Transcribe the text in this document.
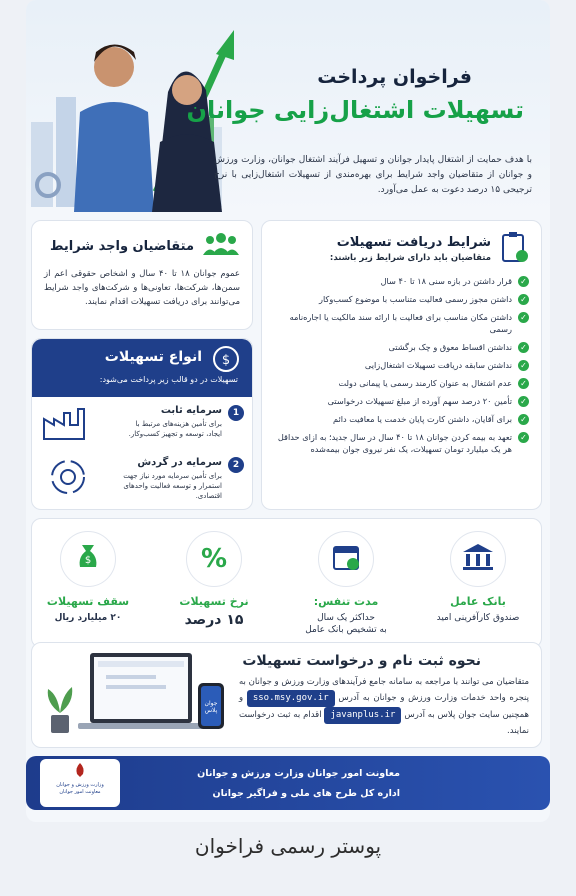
فراخوان پرداخت
تسهیلات اشتغال‌زایی جوانان
با هدف حمایت از اشتغال پایدار جوانان و تسهیل فرآیند اشتغال جوانان، وزارت ورزش و جوانان از متقاضیان واجد شرایط برای بهره‌مندی از تسهیلات اشتغال‌زایی با نرخ ترجیحی ۱۵ درصد دعوت به عمل می‌آورد.
متقاضیان واجد شرایط
عموم جوانان ۱۸ تا ۴۰ سال و اشخاص حقوقی اعم از سمن‌ها، شرکت‌ها، تعاونی‌ها و شرکت‌های واجد شرایط می‌توانند برای دریافت تسهیلات اقدام نمایند.
انواع تسهیلات
تسهیلات در دو قالب زیر پرداخت می‌شود:
$
1
سرمایه ثابت
برای تأمین هزینه‌های مرتبط با ایجاد، توسعه و تجهیز کسب‌وکار.
2
سرمایه در گردش
برای تأمین سرمایه مورد نیاز جهت استمرار و توسعه فعالیت واحدهای اقتصادی.
شرایط دریافت تسهیلات
متقاضیان باید دارای شرایط زیر باشند:
✓
قرار داشتن در بازه سنی ۱۸ تا ۴۰ سال
✓
داشتن مجوز رسمی فعالیت متناسب با موضوع کسب‌وکار
✓
داشتن مکان مناسب برای فعالیت با ارائه سند مالکیت یا اجاره‌نامه رسمی
✓
نداشتن اقساط معوق و چک برگشتی
✓
نداشتن سابقه دریافت تسهیلات اشتغال‌زایی
✓
عدم اشتغال به عنوان کارمند رسمی یا پیمانی دولت
✓
تأمین ۲۰ درصد سهم آورده از مبلغ تسهیلات درخواستی
✓
برای آقایان، داشتن کارت پایان خدمت یا معافیت دائم
✓
تعهد به بیمه کردن جوانان ۱۸ تا ۴۰ سال در سال جدید؛ به ازای حداقل هر یک میلیارد تومان تسهیلات، یک نفر نیروی جوان بیمه‌شده
بانک عامل
صندوق کارآفرینی امید
مدت تنفس:
حداکثر یک سال
به تشخیص بانک عامل
%
نرخ تسهیلات
۱۵ درصد
$
سقف تسهیلات
۲۰ میلیارد ریال
نحوه ثبت نام و درخواست تسهیلات
متقاضیان می توانند با مراجعه به سامانه جامع فرآیندهای وزارت ورزش و جوانان به پنجره واحد خدمات وزارت ورزش و جوانان به آدرس sso.msy.gov.ir و همچنین سایت جوان پلاس به آدرس javanplus.ir اقدام به ثبت درخواست نمایند.
جوان پلاس
معاونت امور جوانان وزارت ورزش و جوانان
اداره کل طرح های ملی و فراگیر جوانان
وزارت ورزش و جوانان
معاونت امور جوانان
پوستر رسمی فراخوان
